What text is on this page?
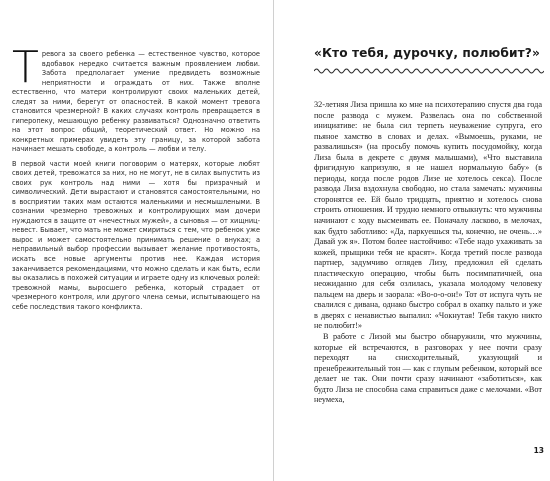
Тревога за своего ребенка — естественное чувство, которое вдобавок нередко считается важным проявлением любви. Забота предполагает умение предвидеть возможные неприятности и ограждать от них. Также вполне естественно, что матери контролируют своих маленьких детей, следят за ними, берегут от опасностей. В какой момент тревога становится чрезмерной? В каких случаях контроль превращается в гиперопеку, мешающую ребенку развиваться? Однозначно ответить на этот вопрос общий, теоретический ответ. Но можно на конкретных примерах увидеть эту границу, за которой забота начинает мешать свободе, а контроль — любви и телу.

В первой части моей книги поговорим о матерях, которые любят своих детей, тревожатся за них, но не могут, не в силах выпустить из своих рук контроль над ними — хотя бы призрачный и символический. Дети вырастают и становятся самостоятельными, но в восприятии таких мам остаются маленькими и несмышлеными. В сознании чрезмерно тревожных и контролирующих мам дочери нуждаются в защите от «нечестных мужей», а сыновья — от хищниц-невест. Бывает, что мать не может смириться с тем, что ребенок уже вырос и может самостоятельно принимать решение о внуках; а неправильный выбор профессии вызывает желание противостоять, искать все новые аргументы против нее. Каждая история заканчивается рекомендациями, что можно сделать и как быть, если вы оказались в похожей ситуации и играете одну из ключевых ролей: тревожной мамы, выросшего ребенка, который страдает от чрезмерного контроля, или другого члена семьи, испытывающего на себе последствия такого конфликта.

«Кто тебя, дурочку, полюбит?»

32-летняя Лиза пришла ко мне на психотерапию спустя два года после развода с мужем. Развелась она по собственной инициативе: не была сил терпеть неуважение супруга, его пьяное хамство в словах и делах. «Вымоешь, руками, не развалишься» (на просьбу помочь купить посудомойку, когда Лиза была в декрете с двумя малышами), «Что выставила фригидную капризулю, я не нашел нормальную бабу» (в периоды, когда после родов Лизе не хотелось секса). После развода Лиза вздохнула свободно, но стала замечать: мужчины сторонятся ее. Ей было тридцать, приятно и хотелось снова строить отношения. И трудно немного отвыкнуть: что мужчины начинают с ходу высмеивать ее. Поначалу ласково, в мелочах, как будто заботливо: «Да, паркуешься ты, конечно, не очень…» Давай уж я». Потом более настойчиво: «Тебе надо ухаживать за кожей, прыщики тебя не красят». Когда третий после развода партнер, задумчиво оглядев Лизу, предложил ей сделать пластическую операцию, чтобы быть посимпатичней, она неожиданно для себя озлилась, указала молодому человеку пальцем на дверь и заорала: «Во-о-о-он!» Тот от испуга чуть не свалился с дивана, однако быстро собрал в охапку пальто и уже в дверях с ненавистью выпалил: «Чокнутая! Тебя такую никто не полюбит!»

В работе с Лизой мы быстро обнаружили, что мужчины, которые ей встречаются, в разговорах у нее почти сразу переходят на снисходительный, указующий и пренебрежительный тон — как с глупым ребенком, который все делает не так. Они почти сразу начинают «заботиться», как будто Лиза не способна сама справиться даже с мелочами. «Вот неумеха,

13
